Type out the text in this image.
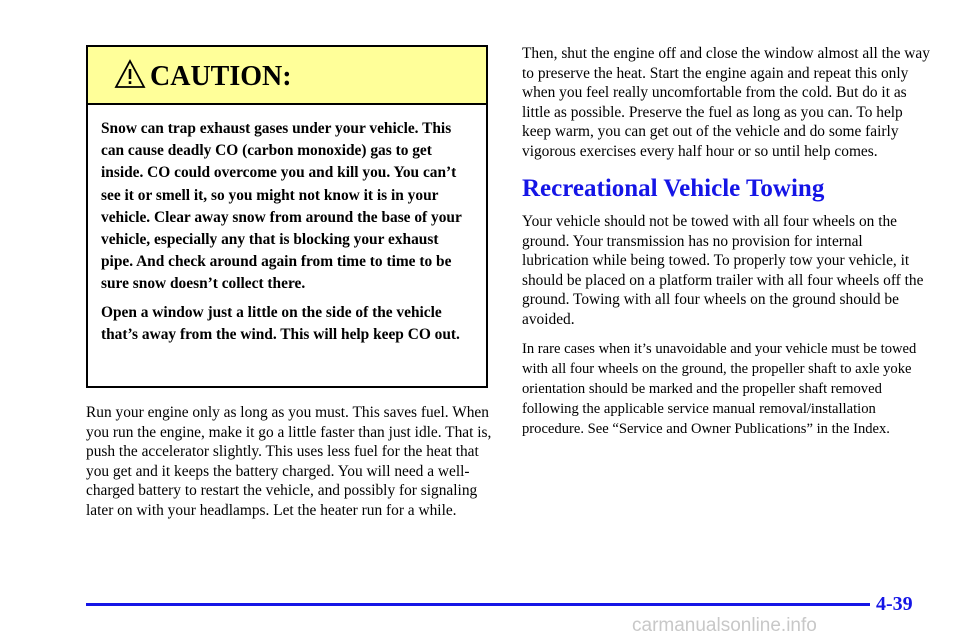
CAUTION:

Snow can trap exhaust gases under your vehicle. This can cause deadly CO (carbon monoxide) gas to get inside. CO could overcome you and kill you. You can’t see it or smell it, so you might not know it is in your vehicle. Clear away snow from around the base of your vehicle, especially any that is blocking your exhaust pipe. And check around again from time to time to be sure snow doesn’t collect there.

Open a window just a little on the side of the vehicle that’s away from the wind. This will help keep CO out.

Run your engine only as long as you must. This saves fuel. When you run the engine, make it go a little faster than just idle. That is, push the accelerator slightly. This uses less fuel for the heat that you get and it keeps the battery charged. You will need a well-charged battery to restart the vehicle, and possibly for signaling later on with your headlamps. Let the heater run for a while.

Then, shut the engine off and close the window almost all the way to preserve the heat. Start the engine again and repeat this only when you feel really uncomfortable from the cold. But do it as little as possible. Preserve the fuel as long as you can. To help keep warm, you can get out of the vehicle and do some fairly vigorous exercises every half hour or so until help comes.

Recreational Vehicle Towing

Your vehicle should not be towed with all four wheels on the ground. Your transmission has no provision for internal lubrication while being towed. To properly tow your vehicle, it should be placed on a platform trailer with all four wheels off the ground. Towing with all four wheels on the ground should be avoided.

In rare cases when it’s unavoidable and your vehicle must be towed with all four wheels on the ground, the propeller shaft to axle yoke orientation should be marked and the propeller shaft removed following the applicable service manual removal/installation procedure. See “Service and Owner Publications” in the Index.

4-39
carmanualsonline.info
